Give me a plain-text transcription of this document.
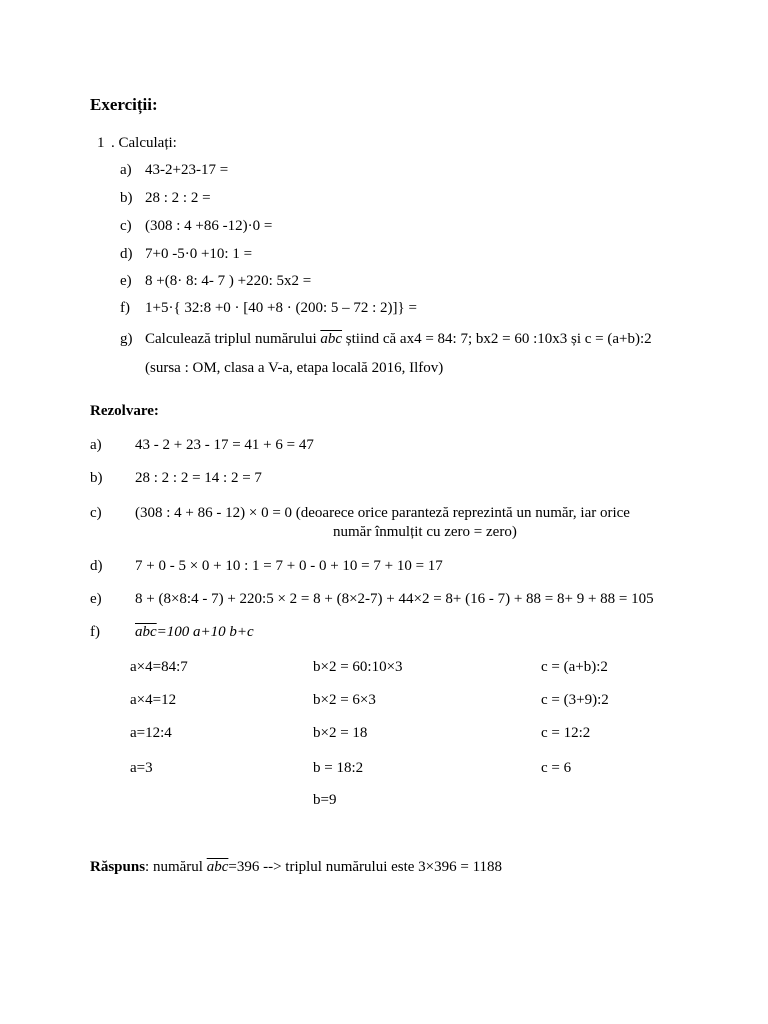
Exerciții:
1 . Calculați:
a) 43-2+23-17 =
b) 28 : 2 : 2 =
c) (308 : 4 +86 -12)·0 =
d) 7+0 -5·0 +10: 1 =
e) 8 +(8· 8: 4- 7 ) +220: 5x2 =
f) 1+5·{ 32:8 +0 · [40 +8 · (200: 5 – 72 : 2)]} =
g) Calculează triplul numărului $\overline{abc}$ știind că ax4 = 84: 7; bx2 = 60 :10x3 și c = (a+b):2
(sursa : OM, clasa a V-a, etapa locală 2016, Ilfov)
Rezolvare:
a) 43 - 2 + 23 - 17 = 41 + 6 = 47
b) 28 : 2 : 2 = 14 : 2 = 7
c) (308 : 4 + 86 - 12) × 0 = 0 (deoarece orice paranteză reprezintă un număr, iar orice
număr înmulțit cu zero = zero)
d) 7 + 0 - 5 × 0 + 10 : 1 = 7 + 0 - 0 + 10 = 7 + 10 = 17
e) 8 + (8×8:4 - 7) + 220:5 × 2 = 8 + (8×2-7) + 44×2 = 8+ (16 - 7) + 88 = 8+ 9 + 88 = 105
f) $\overline{abc}=100$ a+10 b+c
a×4=84:7
a×4=12
a=12:4
a=3
b×2 = 60:10×3
b×2 = 6×3
b×2 = 18
b = 18:2
b=9
c = (a+b):2
c = (3+9):2
c = 12:2
c = 6
Răspuns: numărul $\overline{abc}=396$ --> triplul numărului este 3×396 = 1188
